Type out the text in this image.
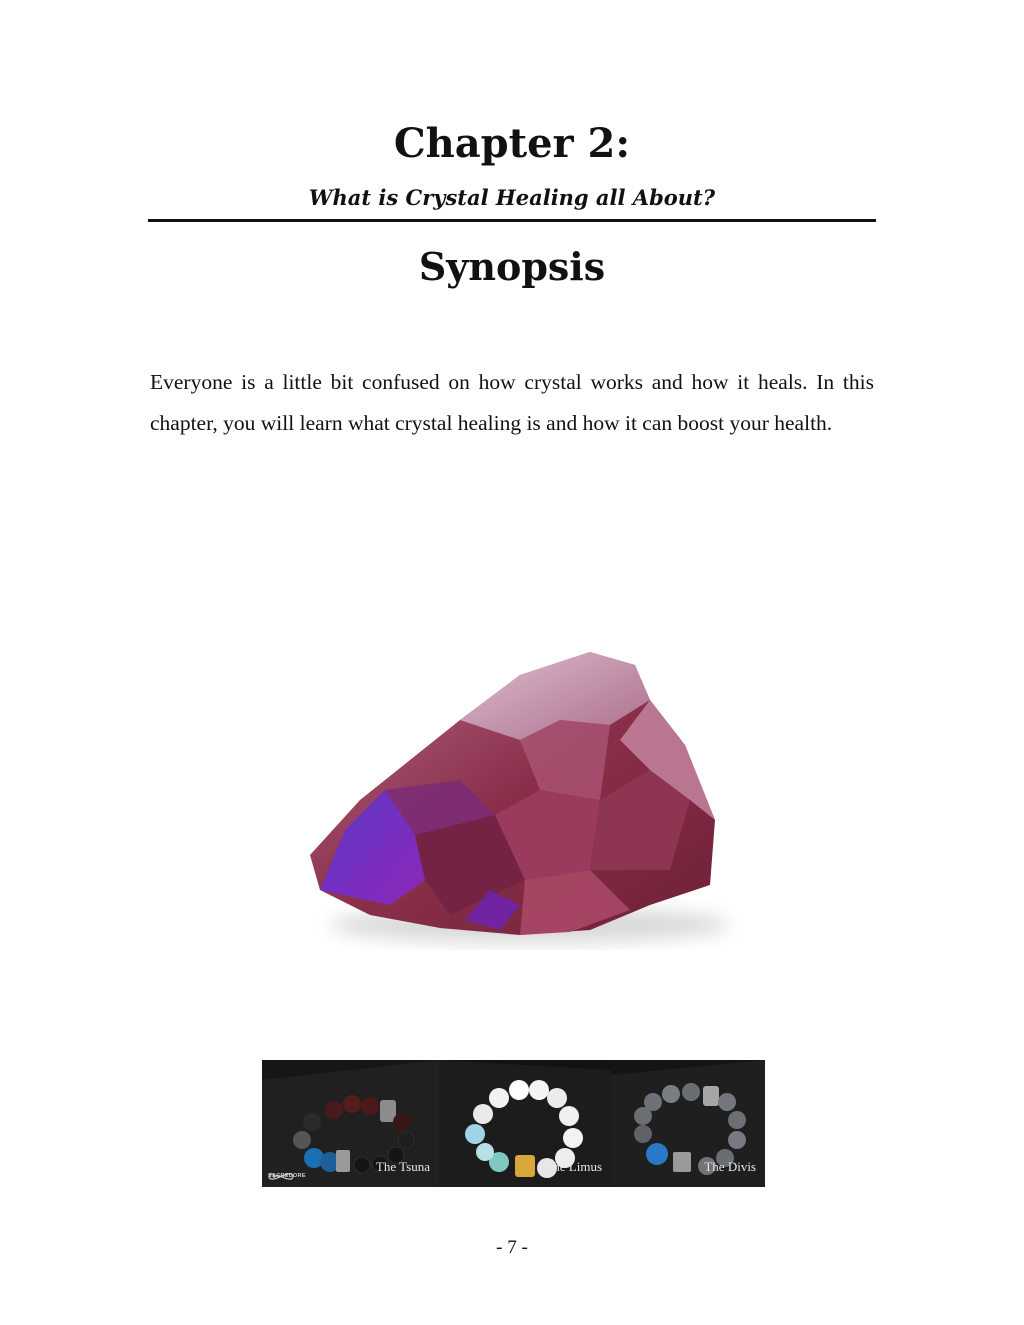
Chapter 2:
What is Crystal Healing all About?
Synopsis

Everyone is a little bit confused on how crystal works and how it heals. In this chapter, you will learn what crystal healing is and how it can boost your health.

SACREDORE
The Tsuna	The Limus	The Divis
- 7 -
